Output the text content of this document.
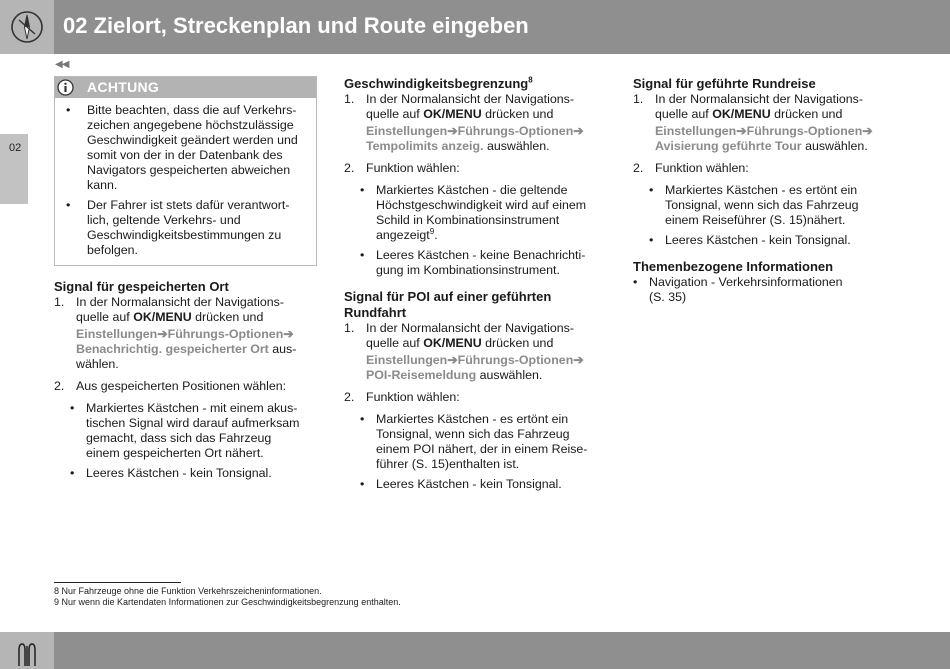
02 Zielort, Streckenplan und Route eingeben
◀◀
02
ACHTUNG
• Bitte beachten, dass die auf Verkehrs-
zeichen angegebene höchstzulässige
Geschwindigkeit geändert werden und
somit von der in der Datenbank des
Navigators gespeicherten abweichen
kann.
• Der Fahrer ist stets dafür verantwort-
lich, geltende Verkehrs- und
Geschwindigkeitsbestimmungen zu
befolgen.
Signal für gespeicherten Ort
1. In der Normalansicht der Navigations-
quelle auf OK/MENU drücken und
Einstellungen➔Führungs-Optionen➔
Benachrichtig. gespeicherter Ort aus-
wählen.
2. Aus gespeicherten Positionen wählen:
• Markiertes Kästchen - mit einem akus-
tischen Signal wird darauf aufmerksam
gemacht, dass sich das Fahrzeug
einem gespeicherten Ort nähert.
• Leeres Kästchen - kein Tonsignal.
Geschwindigkeitsbegrenzung$^8$
1. In der Normalansicht der Navigations-
quelle auf OK/MENU drücken und
Einstellungen➔Führungs-Optionen➔
Tempolimits anzeig. auswählen.
2. Funktion wählen:
• Markiertes Kästchen - die geltende
Höchstgeschwindigkeit wird auf einem
Schild in Kombinationsinstrument
angezeigt$^9$.
• Leeres Kästchen - keine Benachrichti-
gung im Kombinationsinstrument.
Signal für POI auf einer geführten
Rundfahrt
1. In der Normalansicht der Navigations-
quelle auf OK/MENU drücken und
Einstellungen➔Führungs-Optionen➔
POI-Reisemeldung auswählen.
2. Funktion wählen:
• Markiertes Kästchen - es ertönt ein
Tonsignal, wenn sich das Fahrzeug
einem POI nähert, der in einem Reise-
führer (S. 15)enthalten ist.
• Leeres Kästchen - kein Tonsignal.
Signal für geführte Rundreise
1. In der Normalansicht der Navigations-
quelle auf OK/MENU drücken und
Einstellungen➔Führungs-Optionen➔
Avisierung geführte Tour auswählen.
2. Funktion wählen:
• Markiertes Kästchen - es ertönt ein
Tonsignal, wenn sich das Fahrzeug
einem Reiseführer (S. 15)nähert.
• Leeres Kästchen - kein Tonsignal.
Themenbezogene Informationen
• Navigation - Verkehrsinformationen
(S. 35)
8 Nur Fahrzeuge ohne die Funktion Verkehrszeicheninformationen.
9 Nur wenn die Kartendaten Informationen zur Geschwindigkeitsbegrenzung enthalten.
